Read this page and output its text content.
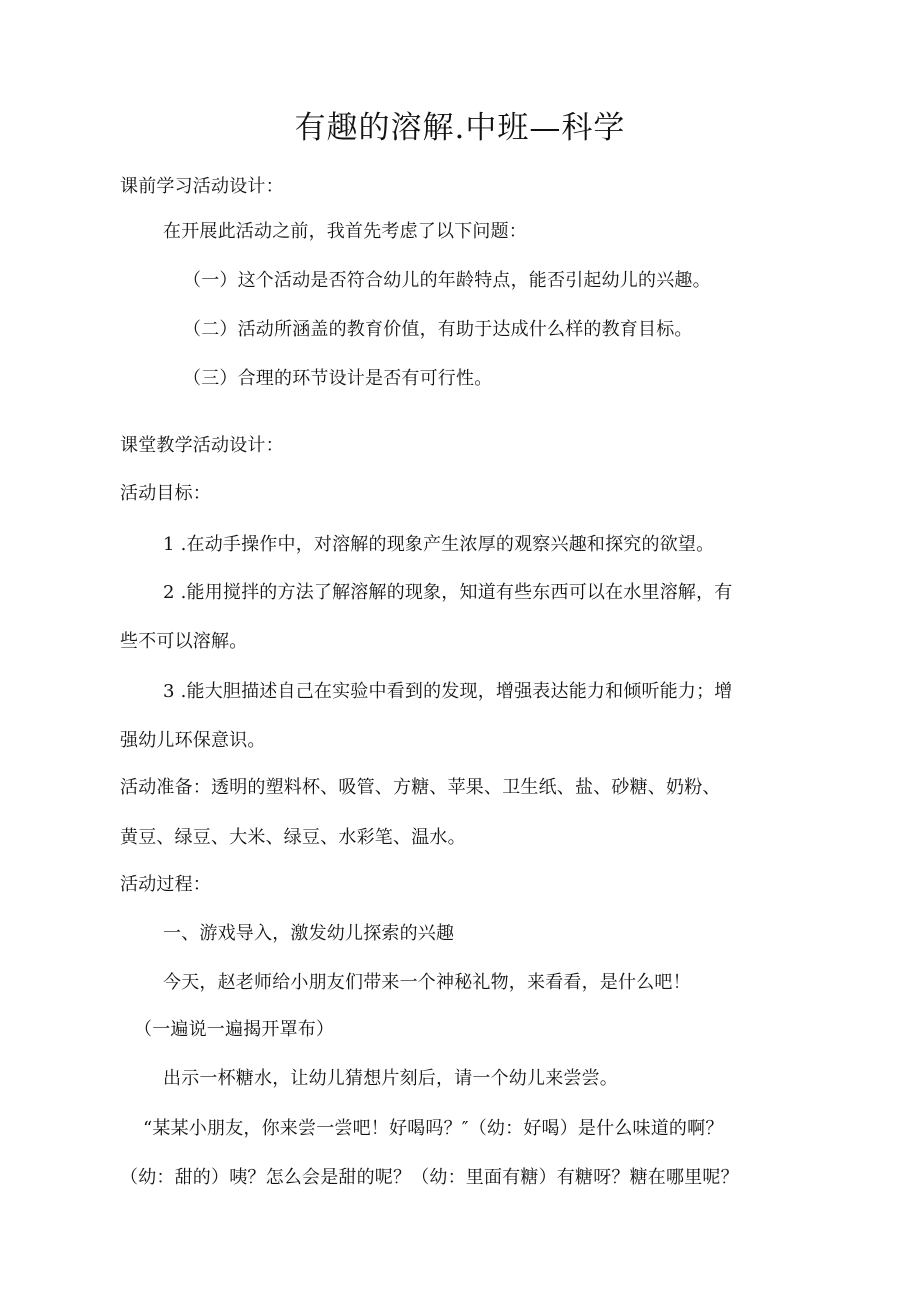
有趣的溶解.中班—科学
课前学习活动设计：
在开展此活动之前，我首先考虑了以下问题：
（一）这个活动是否符合幼儿的年龄特点，能否引起幼儿的兴趣。
（二）活动所涵盖的教育价值，有助于达成什么样的教育目标。
（三）合理的环节设计是否有可行性。
课堂教学活动设计：
活动目标：
1 .在动手操作中，对溶解的现象产生浓厚的观察兴趣和探究的欲望。
2 .能用搅拌的方法了解溶解的现象，知道有些东西可以在水里溶解，有
些不可以溶解。
3 .能大胆描述自己在实验中看到的发现，增强表达能力和倾听能力；增
强幼儿环保意识。
活动准备：透明的塑料杯、吸管、方糖、苹果、卫生纸、盐、砂糖、奶粉、
黄豆、绿豆、大米、绿豆、水彩笔、温水。
活动过程：
一、游戏导入，激发幼儿探索的兴趣
今天，赵老师给小朋友们带来一个神秘礼物，来看看，是什么吧！
（一遍说一遍揭开罩布）
出示一杯糖水，让幼儿猜想片刻后，请一个幼儿来尝尝。
“某某小朋友，你来尝一尝吧！好喝吗？″（幼：好喝）是什么味道的啊？
（幼：甜的）咦？怎么会是甜的呢？（幼：里面有糖）有糖呀？糖在哪里呢？
